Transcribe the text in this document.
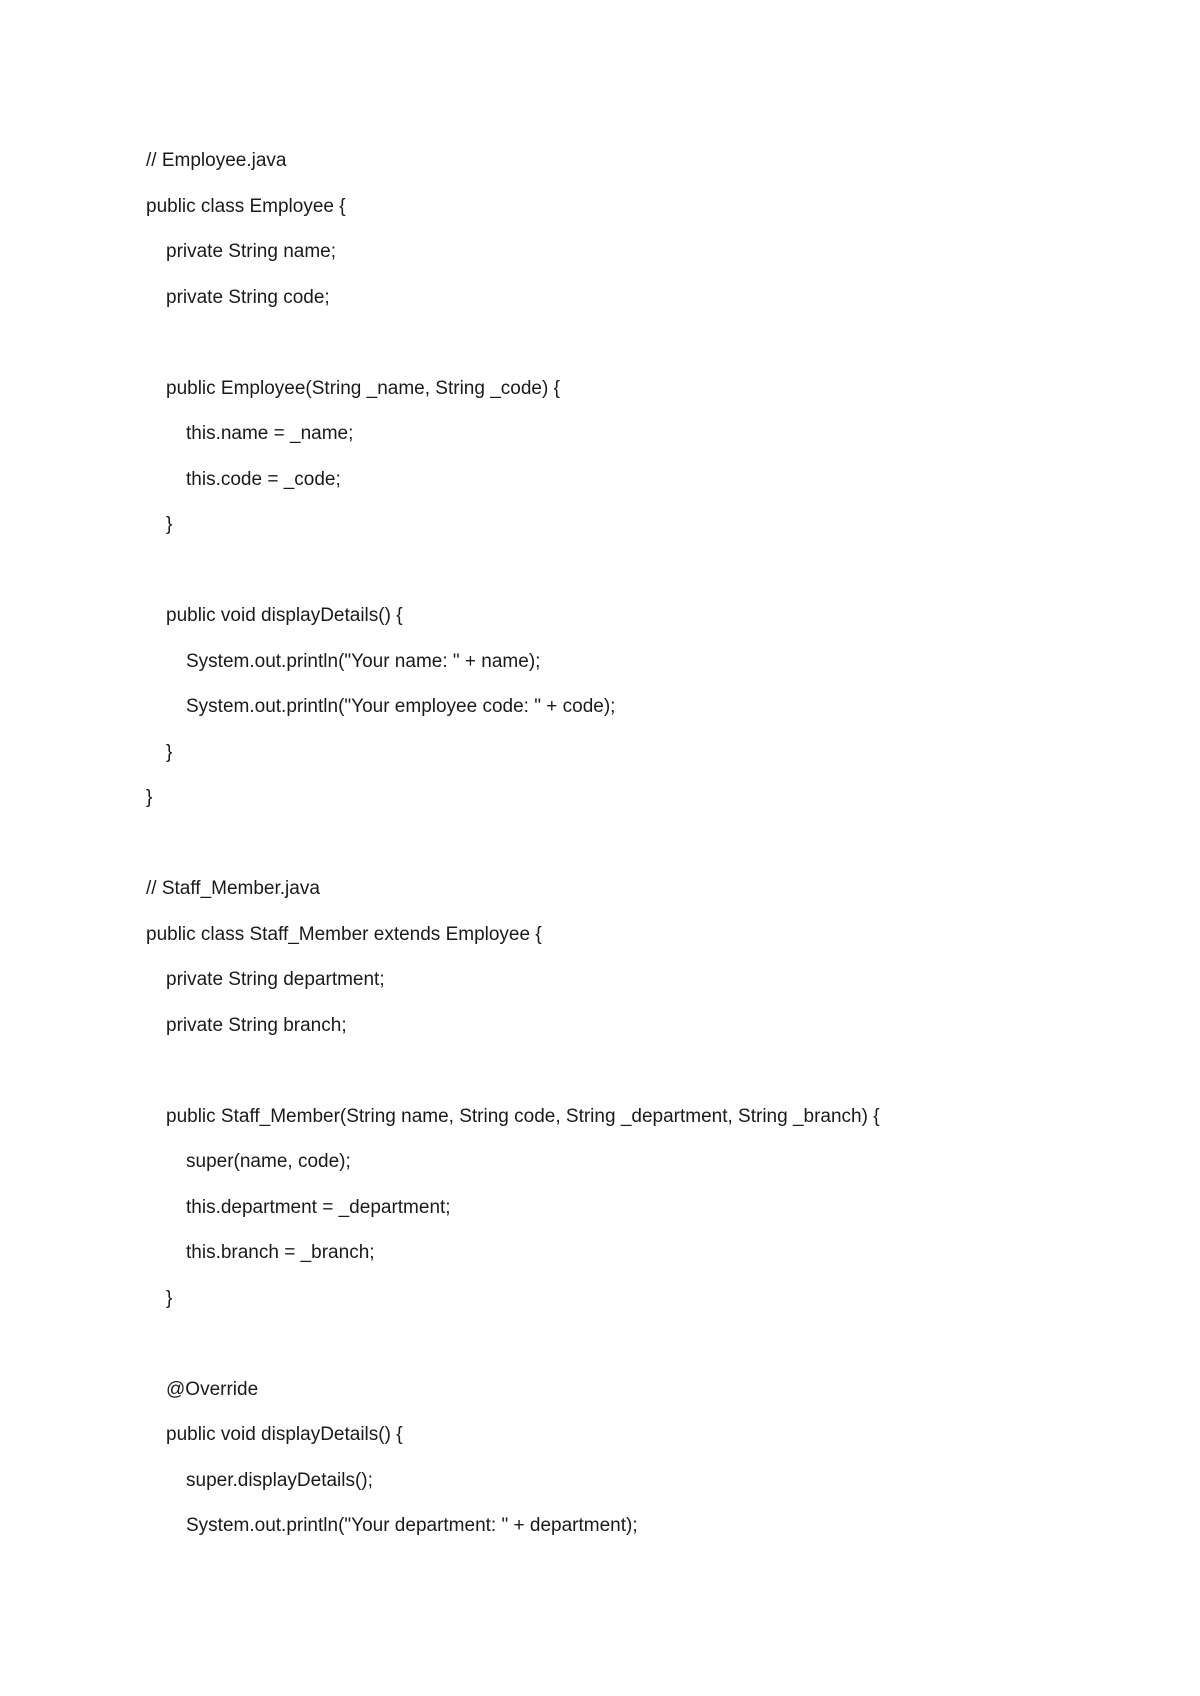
// Employee.java
public class Employee {
private String name;
private String code;
public Employee(String _name, String _code) {
this.name = _name;
this.code = _code;
}
public void displayDetails() {
System.out.println("Your name: " + name);
System.out.println("Your employee code: " + code);
}
}
// Staff_Member.java
public class Staff_Member extends Employee {
private String department;
private String branch;
public Staff_Member(String name, String code, String _department, String _branch) {
super(name, code);
this.department = _department;
this.branch = _branch;
}
@Override
public void displayDetails() {
super.displayDetails();
System.out.println("Your department: " + department);
